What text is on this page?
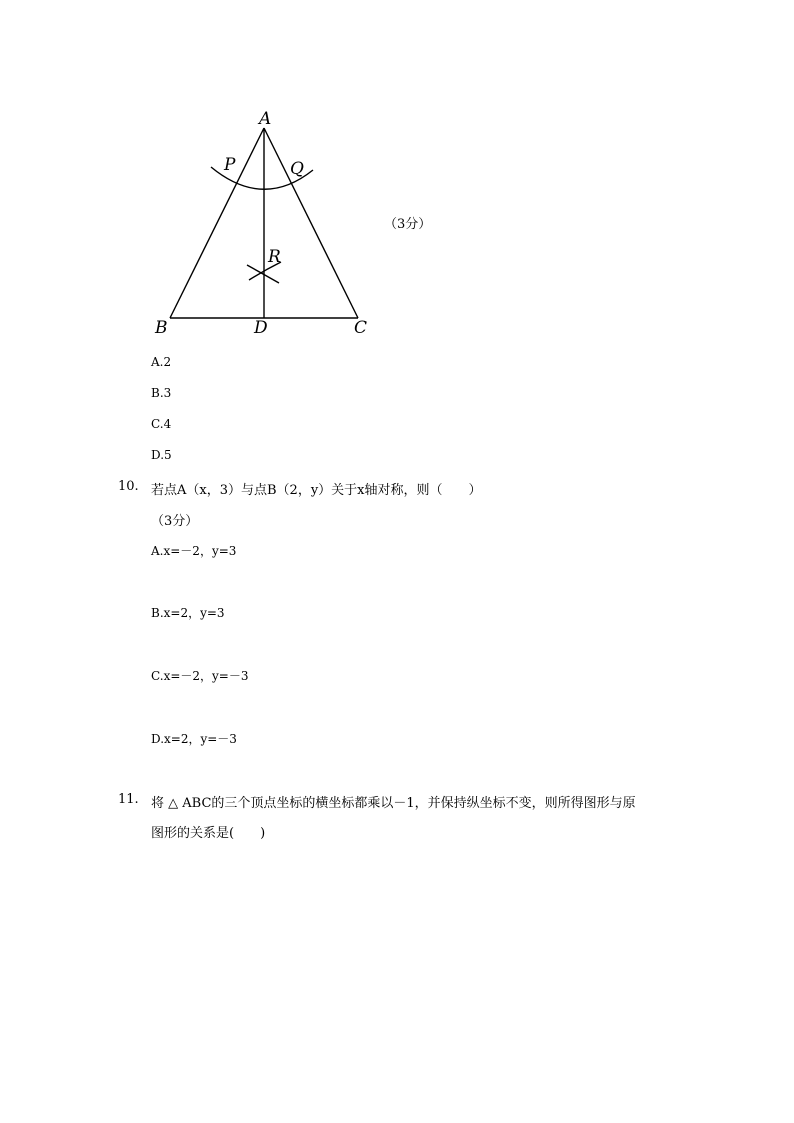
A
P	Q
R
B	D	C
（3分）
A.2
B.3
C.4
D.5
10. 若点A（x，3）与点B（2，y）关于x轴对称，则（　　）
（3分）
A.x=－2，y=3
B.x=2，y=3
C.x=－2，y=－3
D.x=2，y=－3
11. 将 △ ABC的三个顶点坐标的横坐标都乘以－1，并保持纵坐标不变，则所得图形与原
图形的关系是(　　)
